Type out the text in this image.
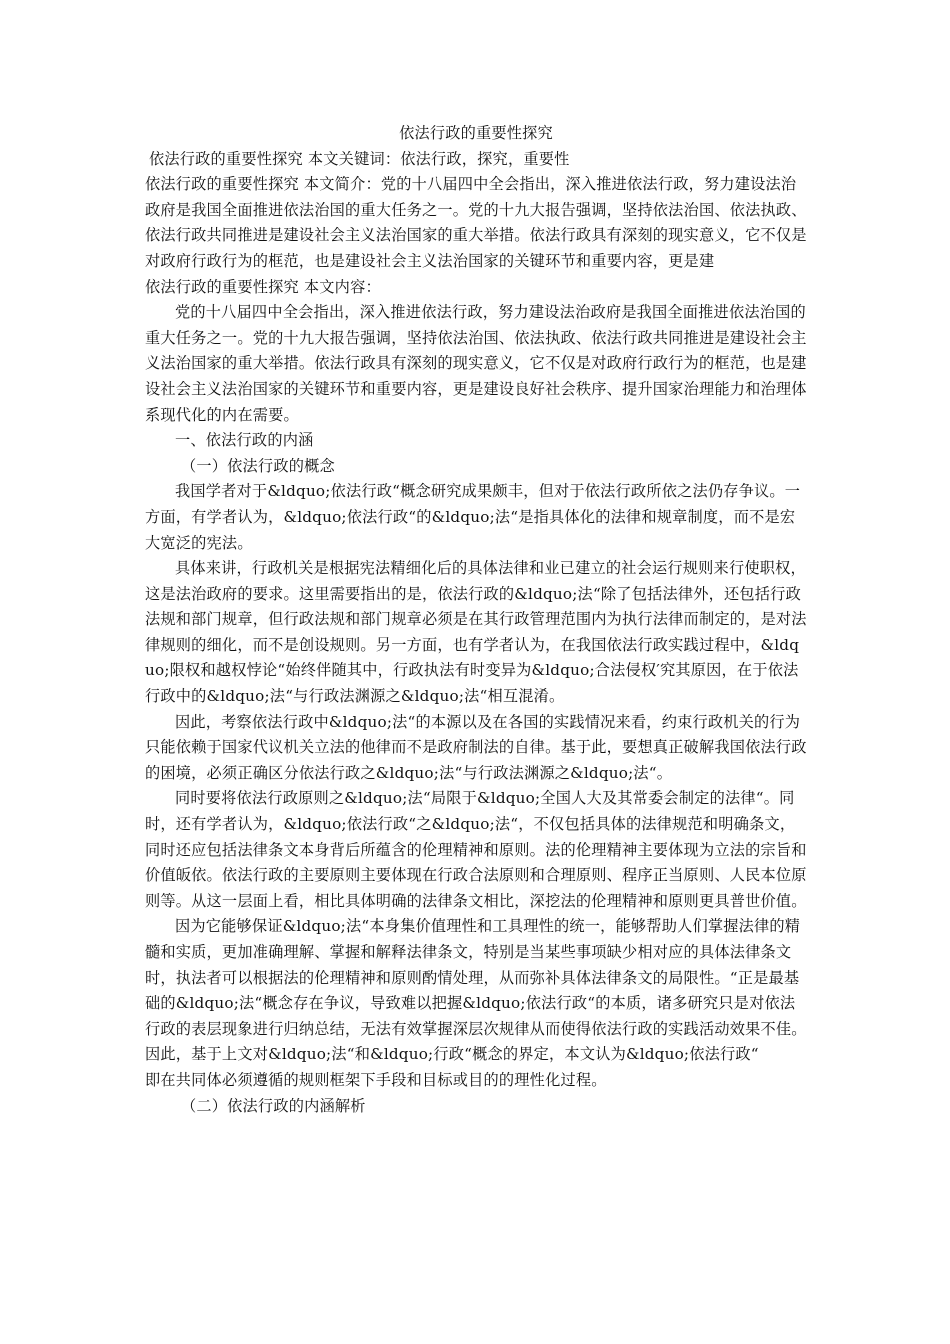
依法行政的重要性探究

依法行政的重要性探究 本文关键词：依法行政，探究，重要性

依法行政的重要性探究 本文简介：党的十八届四中全会指出，深入推进依法行政，努力建设法治政府是我国全面推进依法治国的重大任务之一。党的十九大报告强调，坚持依法治国、依法执政、依法行政共同推进是建设社会主义法治国家的重大举措。依法行政具有深刻的现实意义，它不仅是对政府行政行为的框范，也是建设社会主义法治国家的关键环节和重要内容，更是建

依法行政的重要性探究 本文内容：

党的十八届四中全会指出，深入推进依法行政，努力建设法治政府是我国全面推进依法治国的重大任务之一。党的十九大报告强调，坚持依法治国、依法执政、依法行政共同推进是建设社会主义法治国家的重大举措。依法行政具有深刻的现实意义，它不仅是对政府行政行为的框范，也是建设社会主义法治国家的关键环节和重要内容，更是建设良好社会秩序、提升国家治理能力和治理体系现代化的内在需要。

一、依法行政的内涵

（一）依法行政的概念

我国学者对于&ldquo;依法行政“概念研究成果颇丰，但对于依法行政所依之法仍存争议。一方面，有学者认为，&ldquo;依法行政“的&ldquo;法“是指具体化的法律和规章制度，而不是宏大宽泛的宪法。

具体来讲，行政机关是根据宪法精细化后的具体法律和业已建立的社会运行规则来行使职权，这是法治政府的要求。这里需要指出的是，依法行政的&ldquo;法“除了包括法律外，还包括行政法规和部门规章，但行政法规和部门规章必须是在其行政管理范围内为执行法律而制定的，是对法律规则的细化，而不是创设规则。另一方面，也有学者认为，在我国依法行政实践过程中，&ldquo;限权和越权悖论“始终伴随其中，行政执法有时变异为&ldquo;合法侵权′究其原因，在于依法行政中的&ldquo;法“与行政法渊源之&ldquo;法“相互混淆。

因此，考察依法行政中&ldquo;法“的本源以及在各国的实践情况来看，约束行政机关的行为只能依赖于国家代议机关立法的他律而不是政府制法的自律。基于此，要想真正破解我国依法行政的困境，必须正确区分依法行政之&ldquo;法“与行政法渊源之&ldquo;法“。

同时要将依法行政原则之&ldquo;法“局限于&ldquo;全国人大及其常委会制定的法律“。同时，还有学者认为，&ldquo;依法行政“之&ldquo;法“，不仅包括具体的法律规范和明确条文，同时还应包括法律条文本身背后所蕴含的伦理精神和原则。法的伦理精神主要体现为立法的宗旨和价值皈依。依法行政的主要原则主要体现在行政合法原则和合理原则、程序正当原则、人民本位原则等。从这一层面上看，相比具体明确的法律条文相比，深挖法的伦理精神和原则更具普世价值。

因为它能够保证&ldquo;法“本身集价值理性和工具理性的统一，能够帮助人们掌握法律的精髓和实质，更加准确理解、掌握和解释法律条文，特别是当某些事项缺少相对应的具体法律条文时，执法者可以根据法的伦理精神和原则酌情处理，从而弥补具体法律条文的局限性。“正是最基础的&ldquo;法“概念存在争议，导致难以把握&ldquo;依法行政“的本质，诸多研究只是对依法行政的表层现象进行归纳总结，无法有效掌握深层次规律从而使得依法行政的实践活动效果不佳。因此，基于上文对&ldquo;法“和&ldquo;行政“概念的界定，本文认为&ldquo;依法行政“

即在共同体必须遵循的规则框架下手段和目标或目的的理性化过程。

（二）依法行政的内涵解析
